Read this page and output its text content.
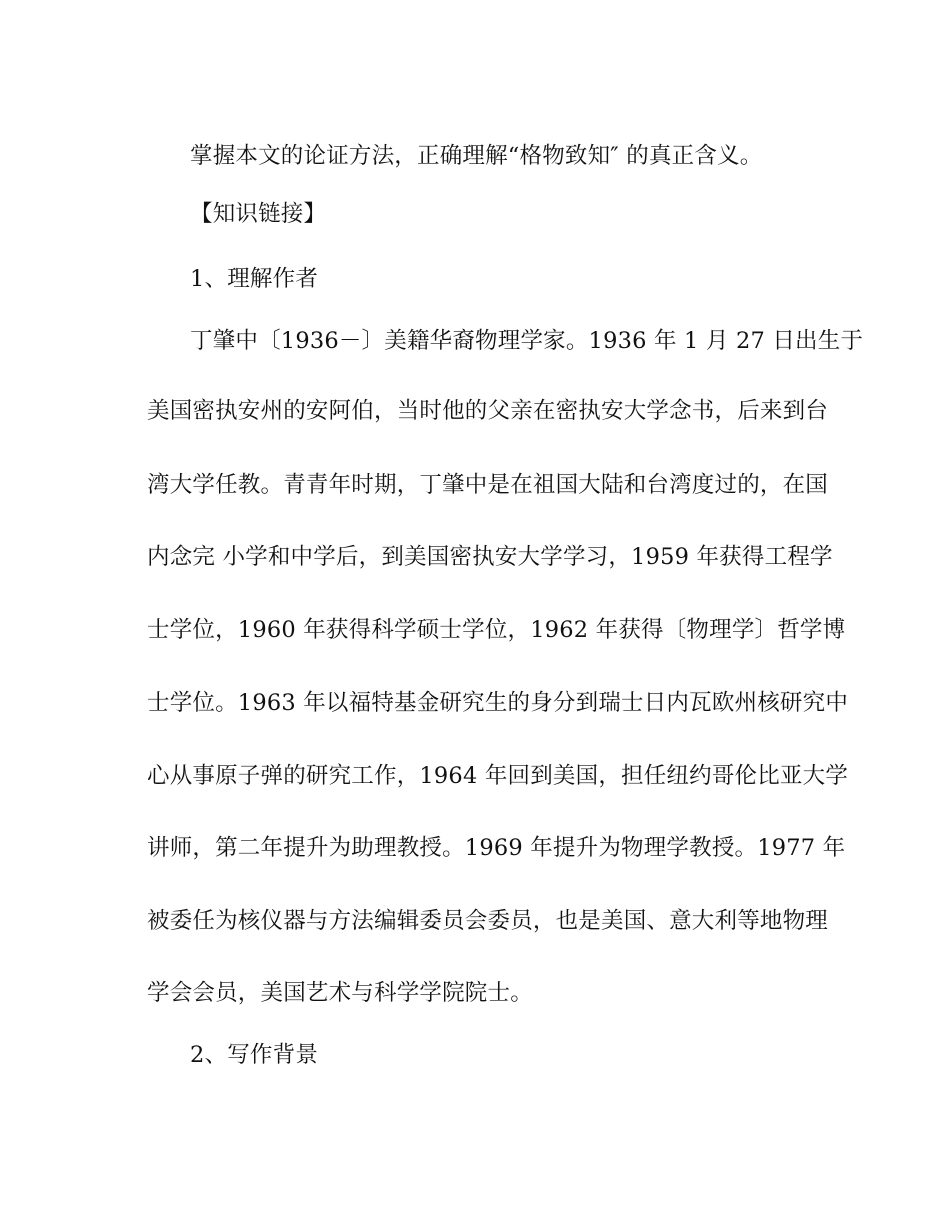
掌握本文的论证方法，正确理解“格物致知″ 的真正含义。
【知识链接】
1、理解作者
丁肇中〔1936－〕美籍华裔物理学家。1936 年 1 月 27 日出生于
美国密执安州的安阿伯，当时他的父亲在密执安大学念书，后来到台
湾大学任教。青青年时期，丁肇中是在祖国大陆和台湾度过的，在国
内念完 小学和中学后，到美国密执安大学学习，1959 年获得工程学
士学位，1960 年获得科学硕士学位，1962 年获得〔物理学〕哲学博
士学位。1963 年以福特基金研究生的身分到瑞士日内瓦欧州核研究中
心从事原子弹的研究工作，1964 年回到美国，担任纽约哥伦比亚大学
讲师，第二年提升为助理教授。1969 年提升为物理学教授。1977 年
被委任为核仪器与方法编辑委员会委员，也是美国、意大利等地物理
学会会员，美国艺术与科学学院院士。
2、写作背景
